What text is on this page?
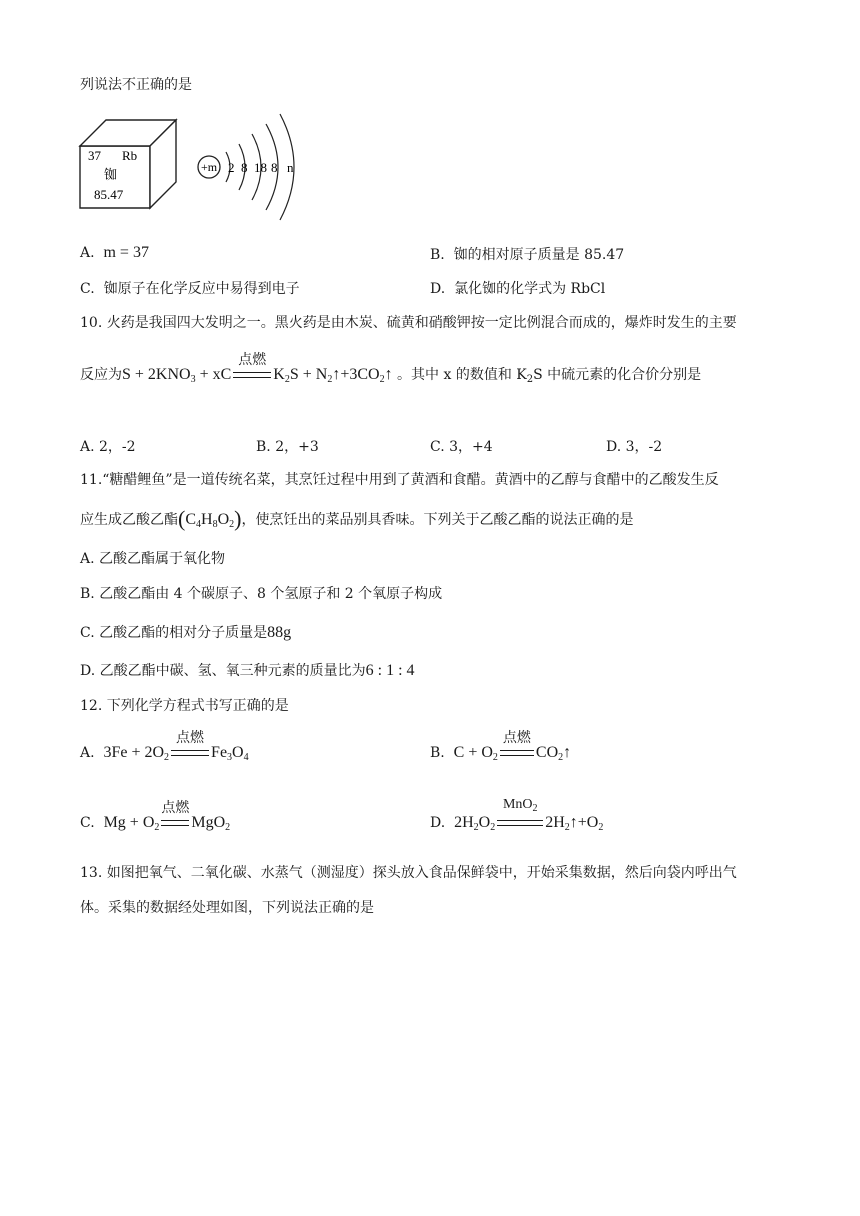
列说法不正确的是
37 Rb
铷
85.47
+m 2 8 18 8 n
A. m = 37	B. 铷的相对原子质量是 85.47
C. 铷原子在化学反应中易得到电子	D. 氯化铷的化学式为 RbCl
10. 火药是我国四大发明之一。黑火药是由木炭、硫黄和硝酸钾按一定比例混合而成的，爆炸时发生的主要
反应为$S + 2KNO_3$ + xC
点燃
$K_2S$ + $N_2↑+3CO_2↑$ 。其中 x 的数值和 $K_2S$ 中硫元素的化合价分别是
A. 2，-2	B. 2，+3	C. 3，+4	D. 3，-2
11.“糖醋鲤鱼”是一道传统名菜，其烹饪过程中用到了黄酒和食醋。黄酒中的乙醇与食醋中的乙酸发生反
应生成乙酸乙酯$(C_4H_8O_2)$，使烹饪出的菜品别具香味。下列关于乙酸乙酯的说法正确的是
A. 乙酸乙酯属于氧化物
B. 乙酸乙酯由 4 个碳原子、8 个氢原子和 2 个氧原子构成
C. 乙酸乙酯的相对分子质量是88g
D. 乙酸乙酯中碳、氢、氧三种元素的质量比为6 : 1 : 4
12. 下列化学方程式书写正确的是
A. $3Fe + 2O_2$
点燃
$Fe_3O_4$	B. $C + O_2$
点燃
$CO_2↑$
C. $Mg + O_2$
点燃
MgO$_2$	D. $2H_2O_2$
MnO$_2$
$2H_2↑+O_2$
13. 如图把氧气、二氧化碳、水蒸气（测湿度）探头放入食品保鲜袋中，开始采集数据，然后向袋内呼出气
体。采集的数据经处理如图，下列说法正确的是
